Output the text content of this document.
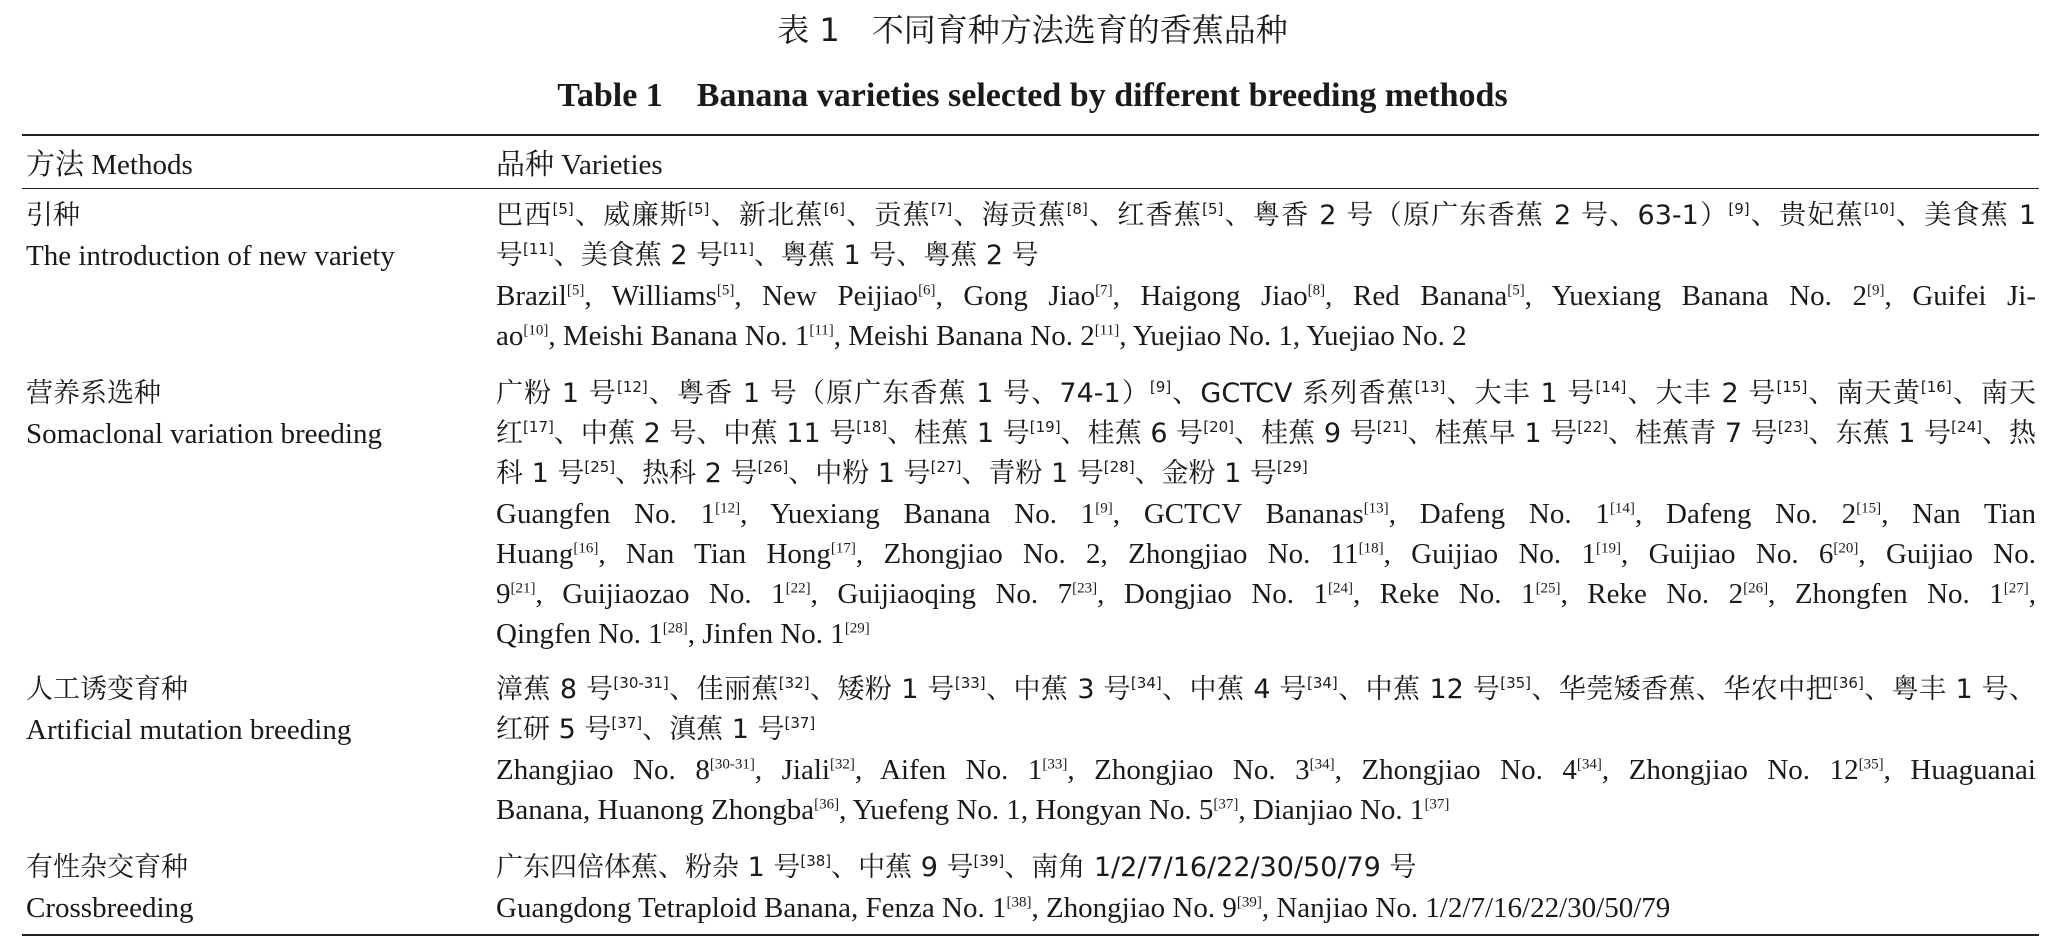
表 1　不同育种方法选育的香蕉品种
Table 1　Banana varieties selected by different breeding methods
方法 Methods	品种 Varieties
引种
The introduction of new variety
巴西[5]、威廉斯[5]、新北蕉[6]、贡蕉[7]、海贡蕉[8]、红香蕉[5]、粤香 2 号（原广东香蕉 2 号、63-1）[9]、贵妃蕉[10]、美食蕉 1
号[11]、美食蕉 2 号[11]、粤蕉 1 号、粤蕉 2 号
Brazil[5], Williams[5], New Peijiao[6], Gong Jiao[7], Haigong Jiao[8], Red Banana[5], Yuexiang Banana No. 2[9], Guifei Ji-
ao[10], Meishi Banana No. 1[11], Meishi Banana No. 2[11], Yuejiao No. 1, Yuejiao No. 2
营养系选种
Somaclonal variation breeding
广粉 1 号[12]、粤香 1 号（原广东香蕉 1 号、74-1）[9]、GCTCV 系列香蕉[13]、大丰 1 号[14]、大丰 2 号[15]、南天黄[16]、南天
红[17]、中蕉 2 号、中蕉 11 号[18]、桂蕉 1 号[19]、桂蕉 6 号[20]、桂蕉 9 号[21]、桂蕉早 1 号[22]、桂蕉青 7 号[23]、东蕉 1 号[24]、热
科 1 号[25]、热科 2 号[26]、中粉 1 号[27]、青粉 1 号[28]、金粉 1 号[29]
Guangfen No. 1[12], Yuexiang Banana No. 1[9], GCTCV Bananas[13], Dafeng No. 1[14], Dafeng No. 2[15], Nan Tian
Huang[16], Nan Tian Hong[17], Zhongjiao No. 2, Zhongjiao No. 11[18], Guijiao No. 1[19], Guijiao No. 6[20], Guijiao No.
9[21], Guijiaozao No. 1[22], Guijiaoqing No. 7[23], Dongjiao No. 1[24], Reke No. 1[25], Reke No. 2[26], Zhongfen No. 1[27],
Qingfen No. 1[28], Jinfen No. 1[29]
人工诱变育种
Artificial mutation breeding
漳蕉 8 号[30-31]、佳丽蕉[32]、矮粉 1 号[33]、中蕉 3 号[34]、中蕉 4 号[34]、中蕉 12 号[35]、华莞矮香蕉、华农中把[36]、粤丰 1 号、
红研 5 号[37]、滇蕉 1 号[37]
Zhangjiao No. 8[30-31], Jiali[32], Aifen No. 1[33], Zhongjiao No. 3[34], Zhongjiao No. 4[34], Zhongjiao No. 12[35], Huaguanai
Banana, Huanong Zhongba[36], Yuefeng No. 1, Hongyan No. 5[37], Dianjiao No. 1[37]
有性杂交育种
Crossbreeding
广东四倍体蕉、粉杂 1 号[38]、中蕉 9 号[39]、南角 1/2/7/16/22/30/50/79 号
Guangdong Tetraploid Banana, Fenza No. 1[38], Zhongjiao No. 9[39], Nanjiao No. 1/2/7/16/22/30/50/79
